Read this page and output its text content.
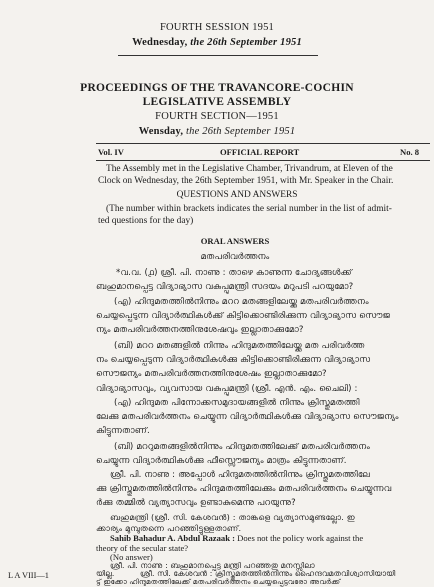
FOURTH SESSION 1951
Wednesday, the 26th September 1951
PROCEEDINGS OF THE TRAVANCORE-COCHIN
LEGISLATIVE ASSEMBLY
FOURTH SECTION—1951
Wensday, the 26th September 1951
Vol. IV	OFFICIAL REPORT	No. 8
The Assembly met in the Legislative Chamber, Trivandrum, at Eleven of the
Clock on Wednesday, the 26th September 1951, with Mr. Speaker in the Chair.
QUESTIONS AND ANSWERS
(The number within brackets indicates the serial number in the list of admit-
ted questions for the day)
ORAL ANSWERS
മതപരിവർത്തനം
*വ.വ. (൧) ശ്രീ. പി. നാണു : താഴെ കാണുന്ന ചോദ്യങ്ങൾക്ക്
ബഹുമാനപ്പെട്ട വിദ്യാഭ്യാസ വകുപ്പുമന്ത്രി സദയം മറുപടി പറയുമോ?
(എ) ഹിന്ദുമതത്തിൽനിന്നും മററ മതങ്ങളിലേയ്ക്കു മതപരിവർത്തനം
ചെയ്യപ്പെടുന്ന വിദ്യാർത്ഥികൾക്ക് കിട്ടിക്കൊണ്ടിരിക്കുന്ന വിദ്യാഭ്യാസ സൌജ
ന്യം മതപരിവർത്തനത്തിനുശേഷവും ഇല്ലാതാക്കുമോ?
(ബി) മററ മതങ്ങളിൽ നിന്നും ഹിന്ദുമതത്തിലേയ്ക്കു മത പരിവർത്ത
നം ചെയ്യപ്പെടുന്ന വിദ്യാർത്ഥികൾക്കു കിട്ടിക്കൊണ്ടിരിക്കുന്ന വിദ്യാഭ്യാസ
സൌജന്യം മതപരിവർത്തനത്തിനുശേഷം ഇല്ലാതാക്കുമോ?
വിദ്യാഭ്യാസവും, വ്യവസായ വകുപ്പുമന്ത്രി (ശ്രീ. എൻ. എം. ചൈലി) :
(എ) ഹിന്ദുമത പിന്നോക്കസമുദായങ്ങളിൽ നിന്നും ക്രിസ്തുമതത്തി
ലേക്കു മതപരിവർത്തനം ചെയ്യുന്ന വിദ്യാർത്ഥികൾക്കു വിദ്യാഭ്യാസ സൌജന്യം
കിട്ടുന്നതാണ്.
(ബി) മററുമതങ്ങളിൽനിന്നും ഹിന്ദുമതത്തിലേക്ക് മതപരിവർത്തനം
ചെയ്യുന്ന വിദ്യാർത്ഥികൾക്കു ഫീസ്സൌജന്യം മാത്രം കിട്ടുന്നതാണ്.
ശ്രീ. പി. നാണു : അപ്പോൾ ഹിന്ദുമതത്തിൽനിന്നും ക്രിസ്തുമതത്തിലേ
ക്കു ക്രിസ്തുമതത്തിൽനിന്നും ഹിന്ദുമതത്തിലേക്കും മതപരിവർത്തനം ചെയ്യുന്നവ
ർക്കു തമ്മിൽ വ്യത്യാസവും ഉണ്ടാകുമെന്നു പറയുന്നു?
ബഹുമന്ത്രി (ശ്രീ. സി. കേശവൻ) : താങ്കളെ വ്യത്യാസമുണ്ടല്ലോ. ഇ
ക്കാര്യം മുമ്പുതന്നെ പറഞ്ഞിട്ടുള്ളതാണ്.
Sahib Bahadur A. Abdul Razaak : Does not the policy work against the
theory of the secular state?
(No answer)
ശ്രീ. പി. നാണു : ബഹുമാനപ്പെട്ട മന്ത്രി പറഞ്ഞതു മനസ്സിലാ
യില്ല.	ശ്രീ. സി. കേശവൻ : ക്രിസ്തുമതത്തിൽനിന്നും ഹൈന്ദവമതവിശ്വാസിയായി
ട്ട് ഇക്കോ ഹിന്ദുമതത്തിലേക്ക് മതപരിവർത്തനം ചെയ്യപ്പെട്ടവരോ അവർക്ക്
L A VIII—1
